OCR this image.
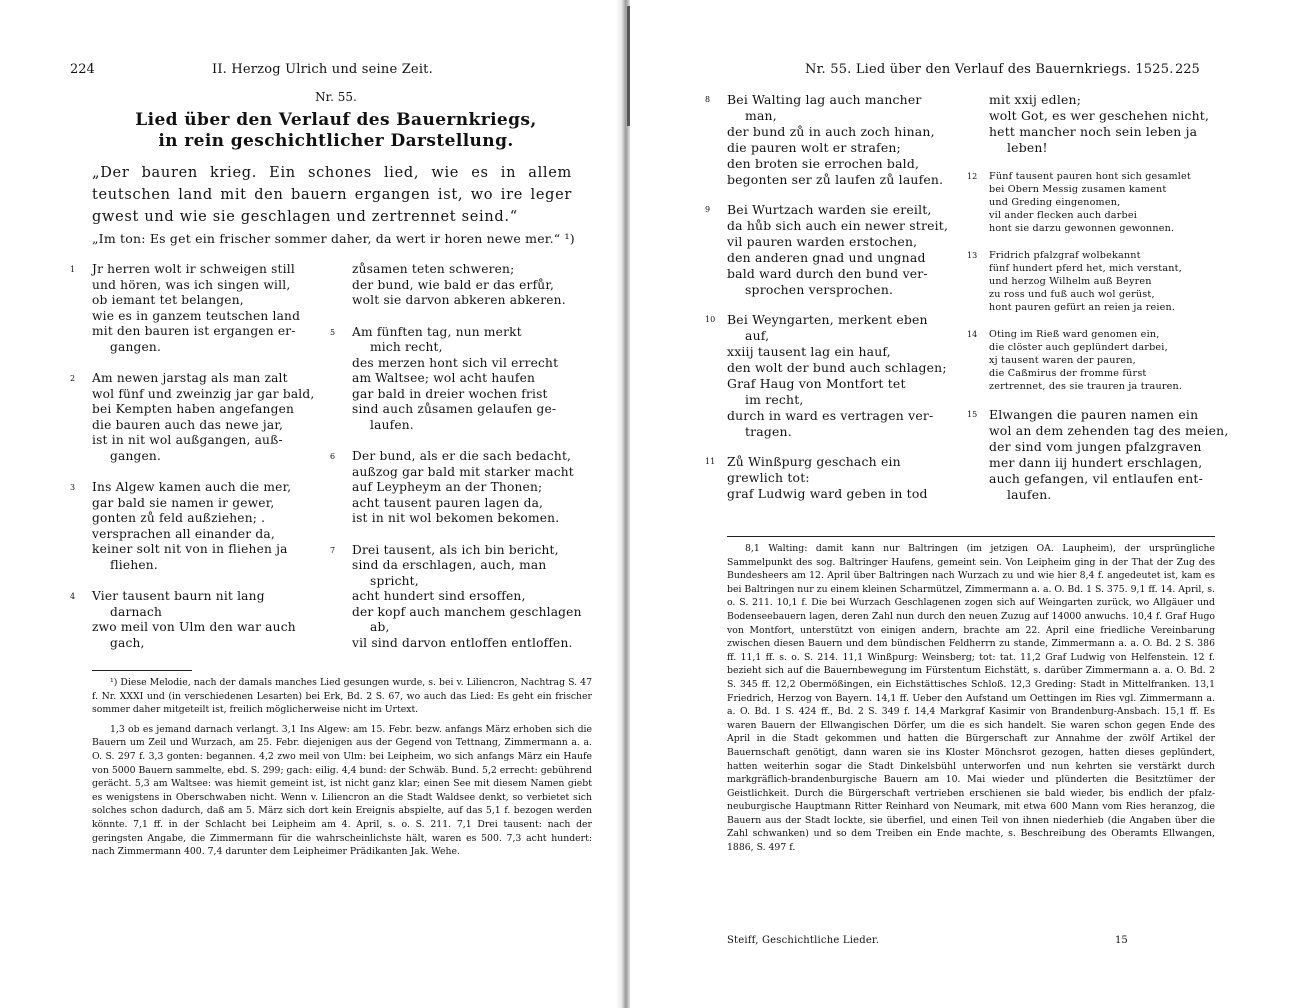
224	II. Herzog Ulrich und seine Zeit.
Nr. 55.
Lied über den Verlauf des Bauernkriegs,
in rein geschichtlicher Darstellung.
„Der bauren krieg. Ein schones lied, wie es in allem teutschen land mit den bauern ergangen ist, wo ire leger gwest und wie sie geschlagen und zertrennet seind.“
„Im ton: Es get ein frischer sommer daher, da wert ir horen newe mer.“ ¹)
1 Jr herren wolt ir schweigen still
und hören, was ich singen will,
ob iemant tet belangen,
wie es in ganzem teutschen land
mit den bauren ist ergangen er-
gangen.
2 Am newen jarstag als man zalt
wol fünf und zweinzig jar gar bald,
bei Kempten haben angefangen
die bauren auch das newe jar,
ist in nit wol außgangen, auß-
gangen.
3 Ins Algew kamen auch die mer,
gar bald sie namen ir gewer,
gonten zů feld außziehen; .
versprachen all einander da,
keiner solt nit von in fliehen ja
fliehen.
4 Vier tausent baurn nit lang
darnach
zwo meil von Ulm den war auch
gach,
zůsamen teten schweren;
der bund, wie bald er das erfůr,
wolt sie darvon abkeren abkeren.
5 Am fünften tag, nun merkt
mich recht,
des merzen hont sich vil errecht
am Waltsee; wol acht haufen
gar bald in dreier wochen frist
sind auch zůsamen gelaufen ge-
laufen.
6 Der bund, als er die sach bedacht,
außzog gar bald mit starker macht
auf Leypheym an der Thonen;
acht tausent pauren lagen da,
ist in nit wol bekomen bekomen.
7 Drei tausent, als ich bin bericht,
sind da erschlagen, auch, man
spricht,
acht hundert sind ersoffen,
der kopf auch manchem geschlagen
ab,
vil sind darvon entloffen entloffen.

¹) Diese Melodie, nach der damals manches Lied gesungen wurde, s. bei v. Liliencron, Nachtrag S. 47 f. Nr. XXXI und (in verschiedenen Lesarten) bei Erk, Bd. 2 S. 67, wo auch das Lied: Es geht ein frischer sommer daher mitgeteilt ist, freilich möglicherweise nicht im Urtext.

1,3 ob es jemand darnach verlangt. 3,1 Ins Algew: am 15. Febr. bezw. anfangs März erhoben sich die Bauern um Zeil und Wurzach, am 25. Febr. diejenigen aus der Gegend von Tettnang, Zimmermann a. a. O. S. 297 f. 3,3 gonten: begannen. 4,2 zwo meil von Ulm: bei Leipheim, wo sich anfangs März ein Haufe von 5000 Bauern sammelte, ebd. S. 299; gach: eilig. 4,4 bund: der Schwäb. Bund. 5,2 errecht: gebührend gerächt. 5,3 am Waltsee: was hiemit gemeint ist, ist nicht ganz klar; einen See mit diesem Namen giebt es wenigstens in Oberschwaben nicht. Wenn v. Liliencron an die Stadt Waldsee denkt, so verbietet sich solches schon dadurch, daß am 5. März sich dort kein Ereignis abspielte, auf das 5,1 f. bezogen werden könnte. 7,1 ff. in der Schlacht bei Leipheim am 4. April, s. o. S. 211. 7,1 Drei tausent: nach der geringsten Angabe, die Zimmermann für die wahrscheinlichste hält, waren es 500. 7,3 acht hundert: nach Zimmermann 400. 7,4 darunter dem Leipheimer Prädikanten Jak. Wehe.

Nr. 55. Lied über den Verlauf des Bauernkriegs. 1525. 225
8 Bei Walting lag auch mancher
man,
der bund zů in auch zoch hinan,
die pauren wolt er strafen;
den broten sie errochen bald,
begonten ser zů laufen zů laufen.
9 Bei Wurtzach warden sie ereilt,
da hůb sich auch ein newer streit,
vil pauren warden erstochen,
den anderen gnad und ungnad
bald ward durch den bund ver-
sprochen versprochen.
10 Bei Weyngarten, merkent eben
auf,
xxiij tausent lag ein hauf,
den wolt der bund auch schlagen;
Graf Haug von Montfort tet
im recht,
durch in ward es vertragen ver-
tragen.
11 Zů Winßpurg geschach ein
grewlich tot:
graf Ludwig ward geben in tod
mit xxij edlen;
wolt Got, es wer geschehen nicht,
hett mancher noch sein leben ja
leben!
12 Fünf tausent pauren hont sich gesamlet
bei Obern Messig zusamen kament
und Greding eingenomen,
vil ander flecken auch darbei
hont sie darzu gewonnen gewonnen.
13 Fridrich pfalzgraf wolbekannt
fünf hundert pferd het, mich verstant,
und herzog Wilhelm auß Beyren
zu ross und fuß auch wol gerüst,
hont pauren gefürt an reien ja reien.
14 Oting im Rieß ward genomen ein,
die clöster auch geplündert darbei,
xj tausent waren der pauren,
die Caßmirus der fromme fürst
zertrennet, des sie trauren ja trauren.
15 Elwangen die pauren namen ein
wol an dem zehenden tag des meien,
der sind vom jungen pfalzgraven
mer dann iij hundert erschlagen,
auch gefangen, vil entlaufen ent-
laufen.

8,1 Walting: damit kann nur Baltringen (im jetzigen OA. Laupheim), der ursprüngliche Sammelpunkt des sog. Baltringer Haufens, gemeint sein. Von Leipheim ging in der That der Zug des Bundesheers am 12. April über Baltringen nach Wurzach zu und wie hier 8,4 f. angedeutet ist, kam es bei Baltringen nur zu einem kleinen Scharmützel, Zimmermann a. a. O. Bd. 1 S. 375. 9,1 ff. 14. April, s. o. S. 211. 10,1 f. Die bei Wurzach Geschlagenen zogen sich auf Weingarten zurück, wo Allgäuer und Bodenseebauern lagen, deren Zahl nun durch den neuen Zuzug auf 14000 anwuchs. 10,4 f. Graf Hugo von Montfort, unterstützt von einigen andern, brachte am 22. April eine friedliche Vereinbarung zwischen diesen Bauern und dem bündischen Feldherrn zu stande, Zimmermann a. a. O. Bd. 2 S. 386 ff. 11,1 ff. s. o. S. 214. 11,1 Winßpurg: Weinsberg; tot: tat. 11,2 Graf Ludwig von Helfenstein. 12 f. bezieht sich auf die Bauernbewegung im Fürstentum Eichstätt, s. darüber Zimmermann a. a. O. Bd. 2 S. 345 ff. 12,2 Obermößingen, ein Eichstättisches Schloß. 12,3 Greding: Stadt in Mittelfranken. 13,1 Friedrich, Herzog von Bayern. 14,1 ff. Ueber den Aufstand um Oettingen im Ries vgl. Zimmermann a. a. O. Bd. 1 S. 424 ff., Bd. 2 S. 349 f. 14,4 Markgraf Kasimir von Brandenburg-Ansbach. 15,1 ff. Es waren Bauern der Ellwangischen Dörfer, um die es sich handelt. Sie waren schon gegen Ende des April in die Stadt gekommen und hatten die Bürgerschaft zur Annahme der zwölf Artikel der Bauernschaft genötigt, dann waren sie ins Kloster Mönchsrot gezogen, hatten dieses geplündert, hatten weiterhin sogar die Stadt Dinkelsbühl unterworfen und nun kehrten sie verstärkt durch markgräflich-brandenburgische Bauern am 10. Mai wieder und plünderten die Besitztümer der Geistlichkeit. Durch die Bürgerschaft vertrieben erschienen sie bald wieder, bis endlich der pfalz-neuburgische Hauptmann Ritter Reinhard von Neumark, mit etwa 600 Mann vom Ries heranzog, die Bauern aus der Stadt lockte, sie überfiel, und einen Teil von ihnen niederhieb (die Angaben über die Zahl schwanken) und so dem Treiben ein Ende machte, s. Beschreibung des Oberamts Ellwangen, 1886, S. 497 f.

Steiff, Geschichtliche Lieder.	15
